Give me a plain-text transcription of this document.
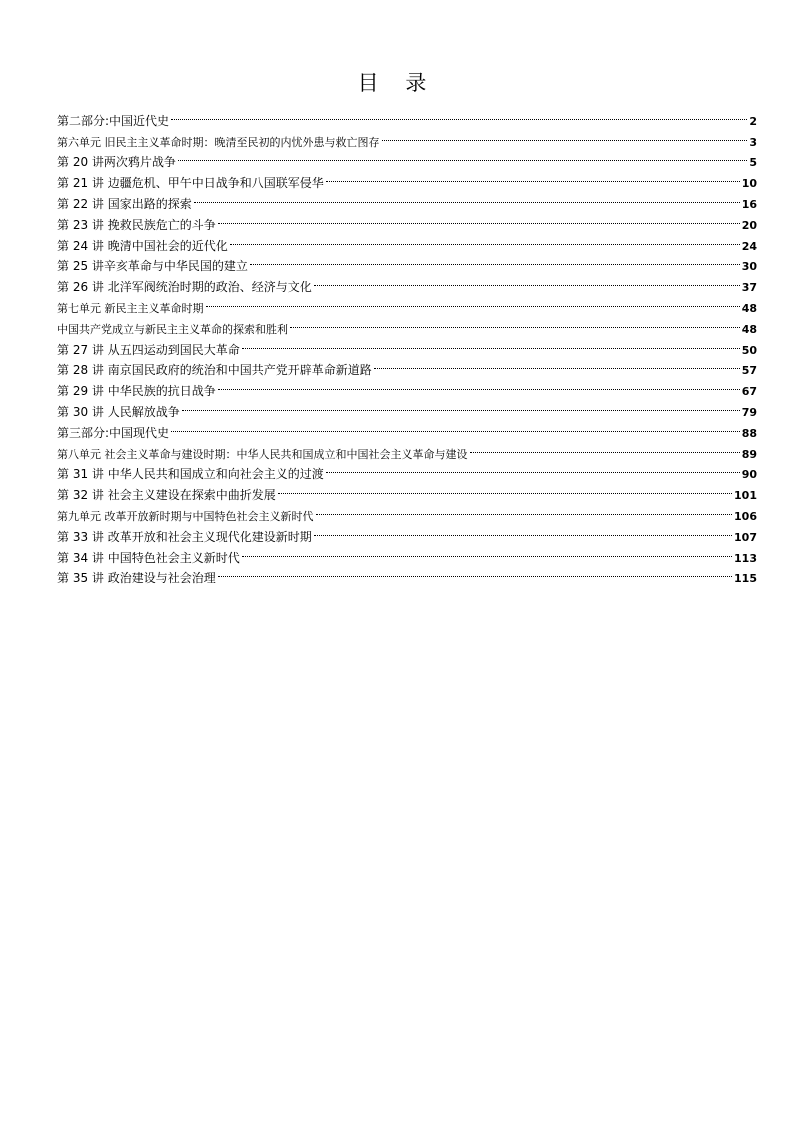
目 录
第二部分:中国近代史	2
第六单元 旧民主主义革命时期：晚清至民初的内忧外患与救亡图存	3
第 20 讲两次鸦片战争	5
第 21 讲 边疆危机、甲午中日战争和八国联军侵华	10
第 22 讲 国家出路的探索	16
第 23 讲 挽救民族危亡的斗争	20
第 24 讲 晚清中国社会的近代化	24
第 25 讲辛亥革命与中华民国的建立	30
第 26 讲 北洋军阀统治时期的政治、经济与文化	37
第七单元 新民主主义革命时期	48
中国共产党成立与新民主主义革命的探索和胜利	48
第 27 讲 从五四运动到国民大革命	50
第 28 讲 南京国民政府的统治和中国共产党开辟革命新道路	57
第 29 讲 中华民族的抗日战争	67
第 30 讲 人民解放战争	79
第三部分:中国现代史	88
第八单元 社会主义革命与建设时期：中华人民共和国成立和中国社会主义革命与建设	89
第 31 讲 中华人民共和国成立和向社会主义的过渡	90
第 32 讲 社会主义建设在探索中曲折发展	101
第九单元 改革开放新时期与中国特色社会主义新时代	106
第 33 讲 改革开放和社会主义现代化建设新时期	107
第 34 讲 中国特色社会主义新时代	113
第 35 讲 政治建设与社会治理	115
